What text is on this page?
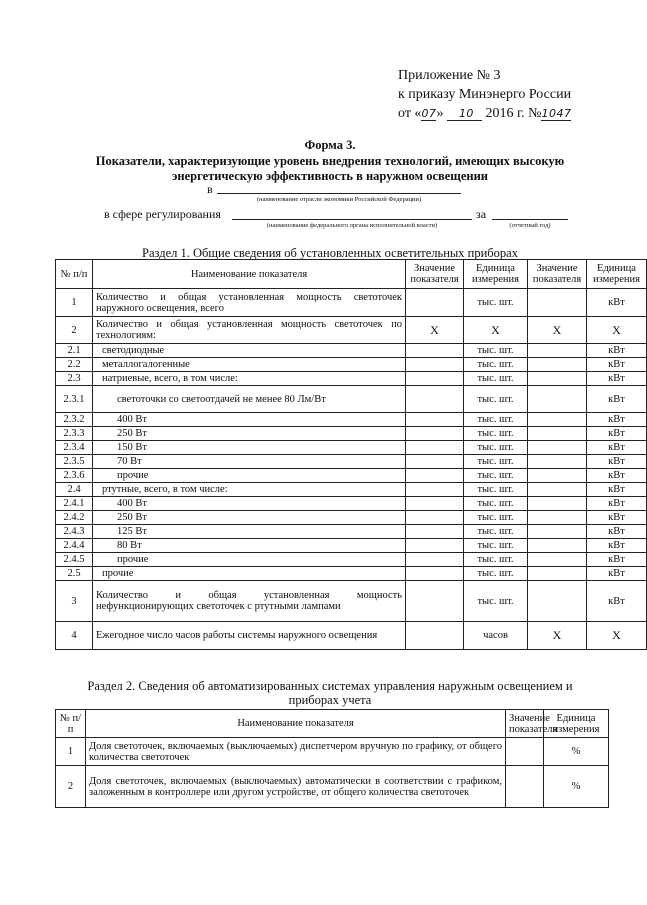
Приложение № 3
к приказу Минэнерго России
от «07» 10 2016 г. №1047
Форма 3.
Показатели, характеризующие уровень внедрения технологий, имеющих высокую
энергетическую эффективность в наружном освещении
в
(наименование отрасли экономики Российской Федерации)
в сфере регулирования
(наименование федерального органа исполнительной власти)
за
(отчетный год)
Раздел 1. Общие сведения об установленных осветительных приборах
№ п/п	Наименование показателя	Значение показателя	Единица измерения	Значение показателя	Единица измерения
1	Количество и общая установленная мощность светоточек наружного освещения, всего		тыс. шт.		кВт
2	Количество и общая установленная мощность светоточек по технологиям:	X	X	X	X
2.1	светодиодные		тыс. шт.		кВт
2.2	металлогалогенные		тыс. шт.		кВт
2.3	натриевые, всего, в том числе:		тыс. шт.		кВт
2.3.1	светоточки со светоотдачей не менее 80 Лм/Вт		тыс. шт.		кВт
2.3.2	400 Вт		тыс. шт.		кВт
2.3.3	250 Вт		тыс. шт.		кВт
2.3.4	150 Вт		тыс. шт.		кВт
2.3.5	70 Вт		тыс. шт.		кВт
2.3.6	прочие		тыс. шт.		кВт
2.4	ртутные, всего, в том числе:		тыс. шт.		кВт
2.4.1	400 Вт		тыс. шт.		кВт
2.4.2	250 Вт		тыс. шт.		кВт
2.4.3	125 Вт		тыс. шт.		кВт
2.4.4	80 Вт		тыс. шт.		кВт
2.4.5	прочие		тыс. шт.		кВт
2.5	прочие		тыс. шт.		кВт
3	Количество и общая установленная мощность нефункционирующих светоточек с ртутными лампами		тыс. шт.		кВт
4	Ежегодное число часов работы системы наружного освещения		часов	X	X
Раздел 2. Сведения об автоматизированных системах управления наружным освещением и
приборах учета
№ п/п	Наименование показателя	Значение показателя	Единица измерения
1	Доля светоточек, включаемых (выключаемых) диспетчером вручную по графику, от общего количества светоточек		%
2	Доля светоточек, включаемых (выключаемых) автоматически в соответствии с графиком, заложенным в контроллере или другом устройстве, от общего количества светоточек		%
